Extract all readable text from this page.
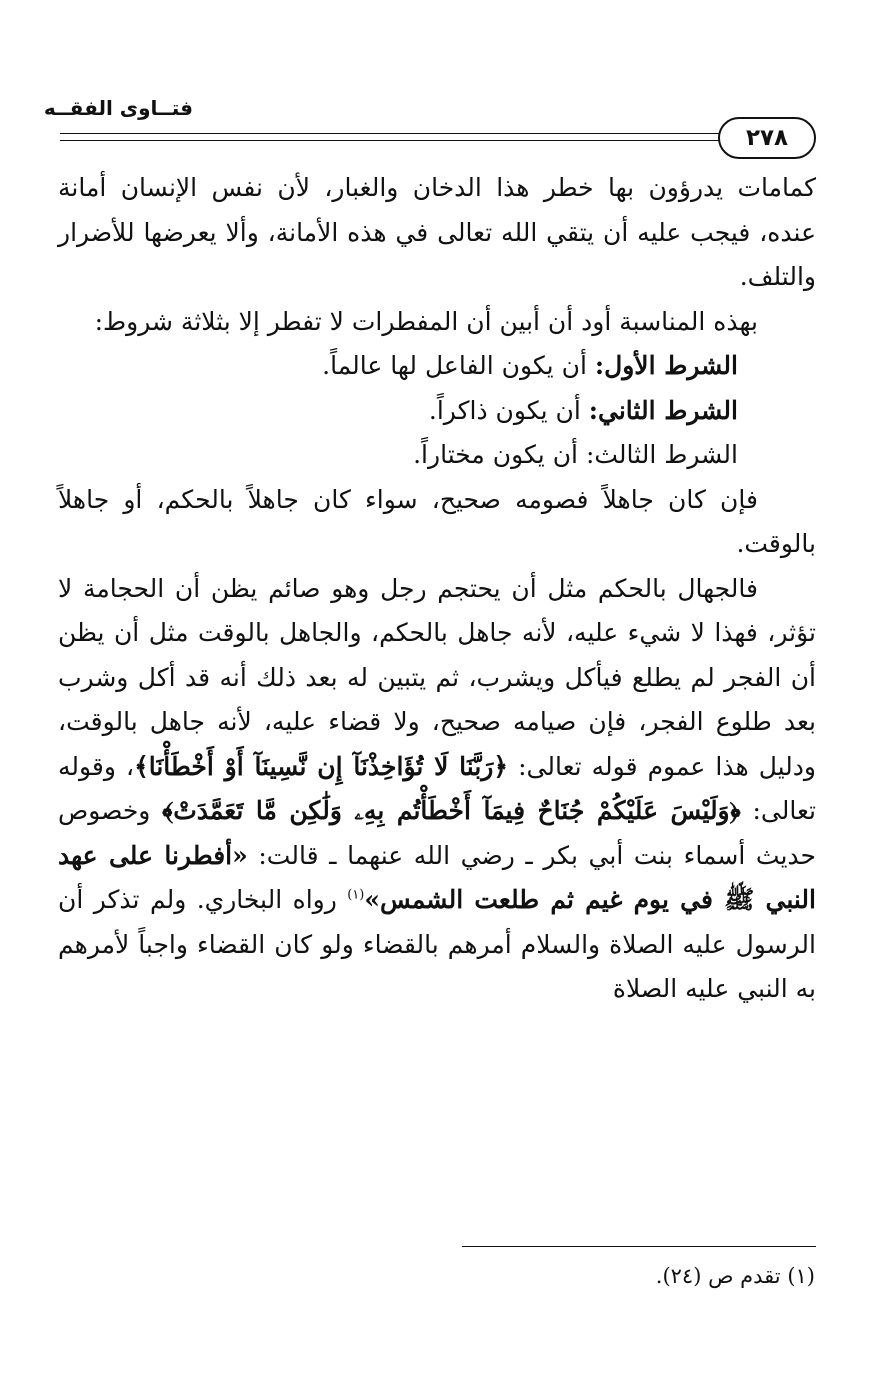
فتــاوى الفقــه
٢٧٨

كمامات يدرؤون بها خطر هذا الدخان والغبار، لأن نفس الإنسان أمانة عنده، فيجب عليه أن يتقي الله تعالى في هذه الأمانة، وألا يعرضها للأضرار والتلف.

بهذه المناسبة أود أن أبين أن المفطرات لا تفطر إلا بثلاثة شروط:

الشرط الأول: أن يكون الفاعل لها عالماً.

الشرط الثاني: أن يكون ذاكراً.

الشرط الثالث: أن يكون مختاراً.

فإن كان جاهلاً فصومه صحيح، سواء كان جاهلاً بالحكم، أو جاهلاً بالوقت.

فالجهال بالحكم مثل أن يحتجم رجل وهو صائم يظن أن الحجامة لا تؤثر، فهذا لا شيء عليه، لأنه جاهل بالحكم، والجاهل بالوقت مثل أن يظن أن الفجر لم يطلع فيأكل ويشرب، ثم يتبين له بعد ذلك أنه قد أكل وشرب بعد طلوع الفجر، فإن صيامه صحيح، ولا قضاء عليه، لأنه جاهل بالوقت، ودليل هذا عموم قوله تعالى: ﴿رَبَّنَا لَا تُؤَاخِذْنَآ إِن نَّسِينَآ أَوْ أَخْطَأْنَا﴾، وقوله تعالى: ﴿وَلَيْسَ عَلَيْكُمْ جُنَاحٌ فِيمَآ أَخْطَأْتُم بِهِۦ وَلَٰكِن مَّا تَعَمَّدَتْ﴾ وخصوص حديث أسماء بنت أبي بكر ـ رضي الله عنهما ـ قالت: «أفطرنا على عهد النبي ﷺ في يوم غيم ثم طلعت الشمس»$^{(١)}$ رواه البخاري. ولم تذكر أن الرسول عليه الصلاة والسلام أمرهم بالقضاء ولو كان القضاء واجباً لأمرهم به النبي عليه الصلاة

(١) تقدم ص (٢٤).
